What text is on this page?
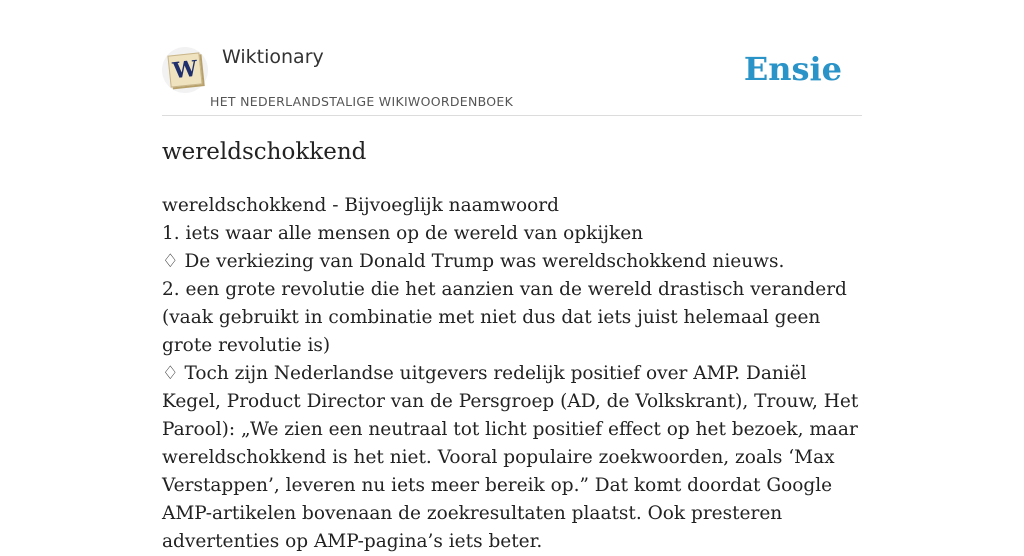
W Wiktionary
HET NEDERLANDSTALIGE WIKIWOORDENBOEK
Ensie
wereldschokkend

wereldschokkend - Bijvoeglijk naamwoord

1. iets waar alle mensen op de wereld van opkijken

♢ De verkiezing van Donald Trump was wereldschokkend nieuws.

2. een grote revolutie die het aanzien van de wereld drastisch veranderd (vaak gebruikt in combinatie met niet dus dat iets juist helemaal geen grote revolutie is)

♢ Toch zijn Nederlandse uitgevers redelijk positief over AMP. Daniël Kegel, Product Director van de Persgroep (AD, de Volkskrant), Trouw, Het Parool): „We zien een neutraal tot licht positief effect op het bezoek, maar wereldschokkend is het niet. Vooral populaire zoekwoorden, zoals ‘Max Verstappen’, leveren nu iets meer bereik op.” Dat komt doordat Google AMP-artikelen bovenaan de zoekresultaten plaatst. Ook presteren advertenties op AMP-pagina’s iets beter.
